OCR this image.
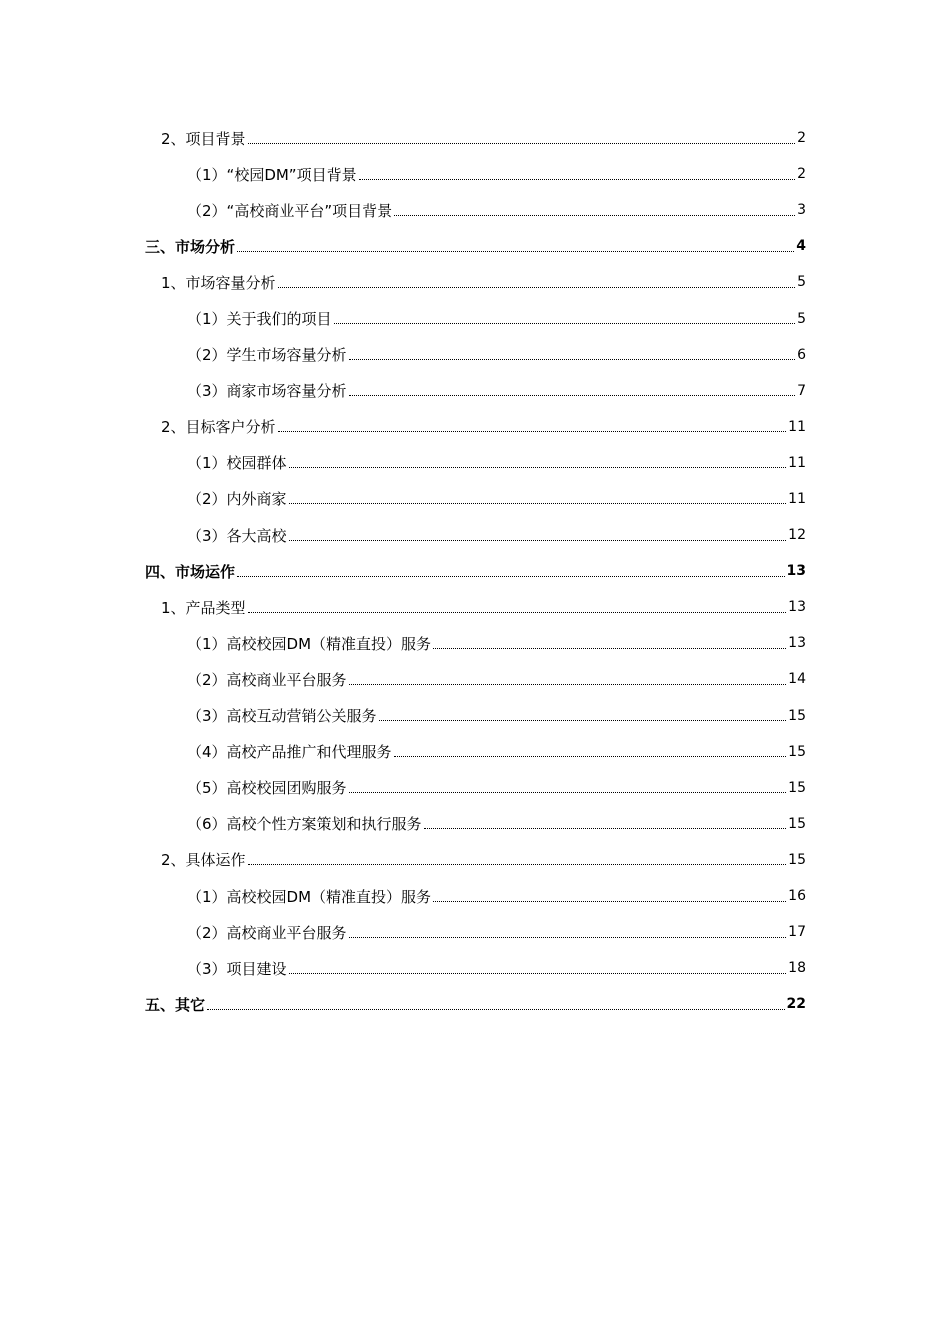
2、项目背景	2
（1）“校园DM”项目背景	2
（2）“高校商业平台”项目背景	3
三、市场分析	4
1、市场容量分析	5
（1）关于我们的项目	5
（2）学生市场容量分析	6
（3）商家市场容量分析	7
2、目标客户分析	11
（1）校园群体	11
（2）内外商家	11
（3）各大高校	12
四、市场运作	13
1、产品类型	13
（1）高校校园DM（精准直投）服务	13
（2）高校商业平台服务	14
（3）高校互动营销公关服务	15
（4）高校产品推广和代理服务	15
（5）高校校园团购服务	15
（6）高校个性方案策划和执行服务	15
2、具体运作	15
（1）高校校园DM（精准直投）服务	16
（2）高校商业平台服务	17
（3）项目建设	18
五、其它	22
